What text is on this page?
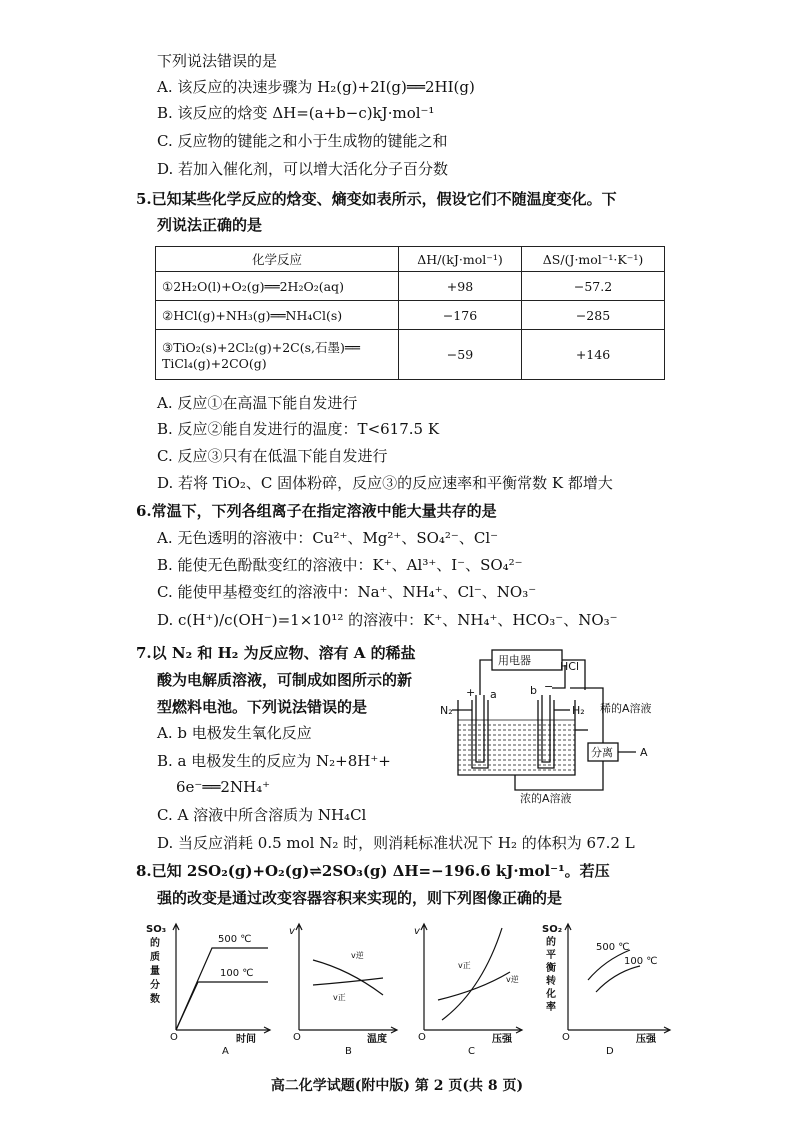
下列说法错误的是
A. 该反应的决速步骤为 H₂(g)+2I(g)══2HI(g)
B. 该反应的焓变 ΔH=(a+b−c)kJ·mol⁻¹
C. 反应物的键能之和小于生成物的键能之和
D. 若加入催化剂，可以增大活化分子百分数
5.已知某些化学反应的焓变、熵变如表所示，假设它们不随温度变化。下
列说法正确的是
化学反应	ΔH/(kJ·mol⁻¹)	ΔS/(J·mol⁻¹·K⁻¹)
①2H₂O(l)+O₂(g)══2H₂O₂(aq)	+98	−57.2
②HCl(g)+NH₃(g)══NH₄Cl(s)	−176	−285

③TiO₂(s)+2Cl₂(g)+2C(s,石墨)══
TiCl₄(g)+2CO(g)	−59	+146
A. 反应①在高温下能自发进行
B. 反应②能自发进行的温度：T<617.5 K
C. 反应③只有在低温下能自发进行
D. 若将 TiO₂、C 固体粉碎，反应③的反应速率和平衡常数 K 都增大
6.常温下，下列各组离子在指定溶液中能大量共存的是
A. 无色透明的溶液中：Cu²⁺、Mg²⁺、SO₄²⁻、Cl⁻
B. 能使无色酚酞变红的溶液中：K⁺、Al³⁺、I⁻、SO₄²⁻
C. 能使甲基橙变红的溶液中：Na⁺、NH₄⁺、Cl⁻、NO₃⁻
D. c(H⁺)/c(OH⁻)=1×10¹² 的溶液中：K⁺、NH₄⁺、HCO₃⁻、NO₃⁻
7.以 N₂ 和 H₂ 为反应物、溶有 A 的稀盐
酸为电解质溶液，可制成如图所示的新
型燃料电池。下列说法错误的是
A. b 电极发生氧化反应
B. a 电极发生的反应为 N₂+8H⁺+
6e⁻══2NH₄⁺
C. A 溶液中所含溶质为 NH₄Cl
D. 当反应消耗 0.5 mol N₂ 时，则消耗标准状况下 H₂ 的体积为 67.2 L
用电器	HCl
N₂	H₂
+ a	b −
稀的A溶液
分离 A
浓的A溶液
8.已知 2SO₂(g)+O₂(g)⇌2SO₃(g) ΔH=−196.6 kJ·mol⁻¹。若压
强的改变是通过改变容器容积来实现的，则下列图像正确的是
SO₃
的
质
量
分
数
O
500 ℃
100 ℃
时间
A
v
O
v逆
v正
温度
B
v
O
v正
v逆
压强
C
SO₂
的
平
衡
转
化
率
O
500 ℃
100 ℃
压强
D
高二化学试题(附中版) 第 2 页(共 8 页)
